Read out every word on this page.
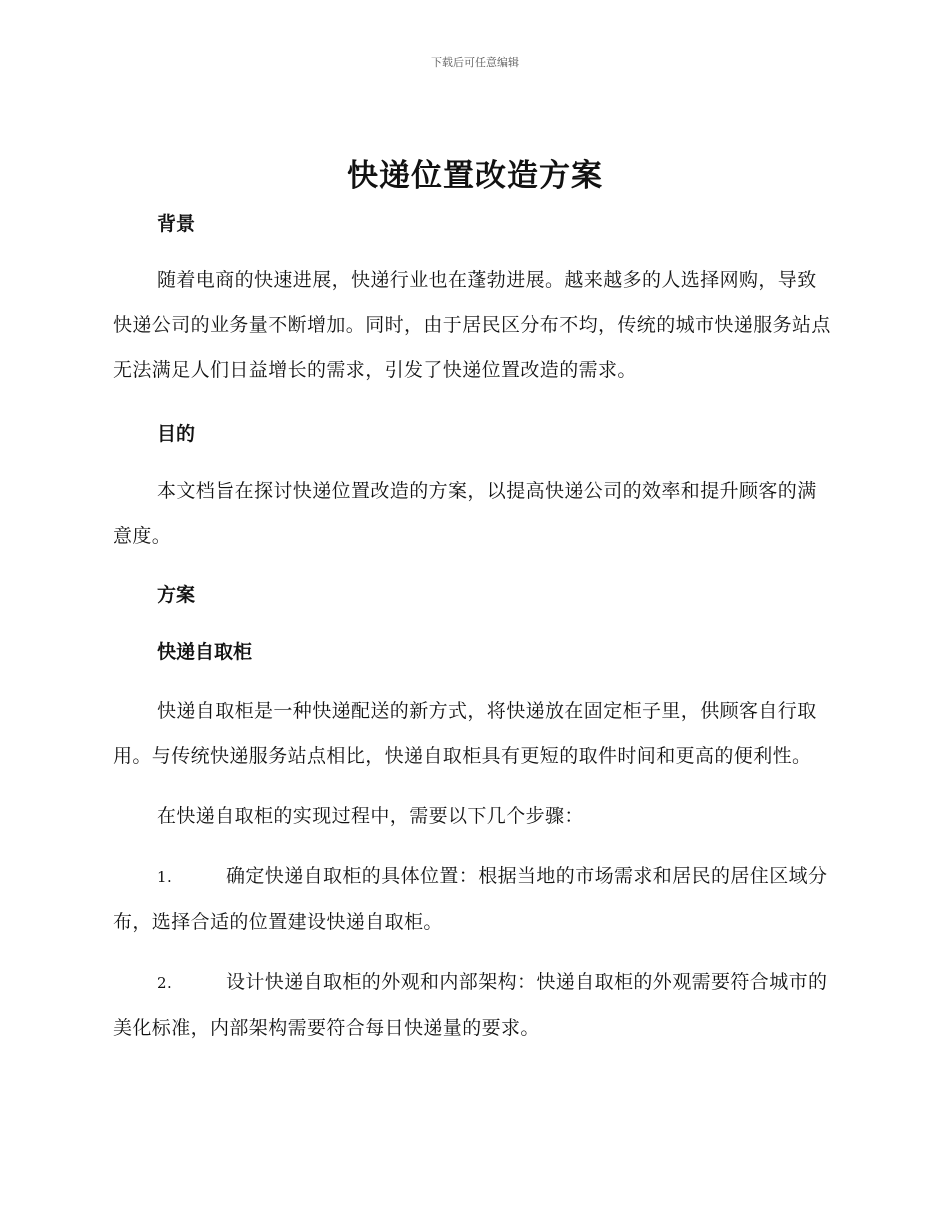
下载后可任意编辑
快递位置改造方案

背景

随着电商的快速进展，快递行业也在蓬勃进展。越来越多的人选择网购，导致快递公司的业务量不断增加。同时，由于居民区分布不均，传统的城市快递服务站点无法满足人们日益增长的需求，引发了快递位置改造的需求。

目的

本文档旨在探讨快递位置改造的方案，以提高快递公司的效率和提升顾客的满意度。

方案

快递自取柜

快递自取柜是一种快递配送的新方式，将快递放在固定柜子里，供顾客自行取用。与传统快递服务站点相比，快递自取柜具有更短的取件时间和更高的便利性。

在快递自取柜的实现过程中，需要以下几个步骤：

1.	确定快递自取柜的具体位置：根据当地的市场需求和居民的居住区域分布，选择合适的位置建设快递自取柜。

2.	设计快递自取柜的外观和内部架构：快递自取柜的外观需要符合城市的美化标准，内部架构需要符合每日快递量的要求。
